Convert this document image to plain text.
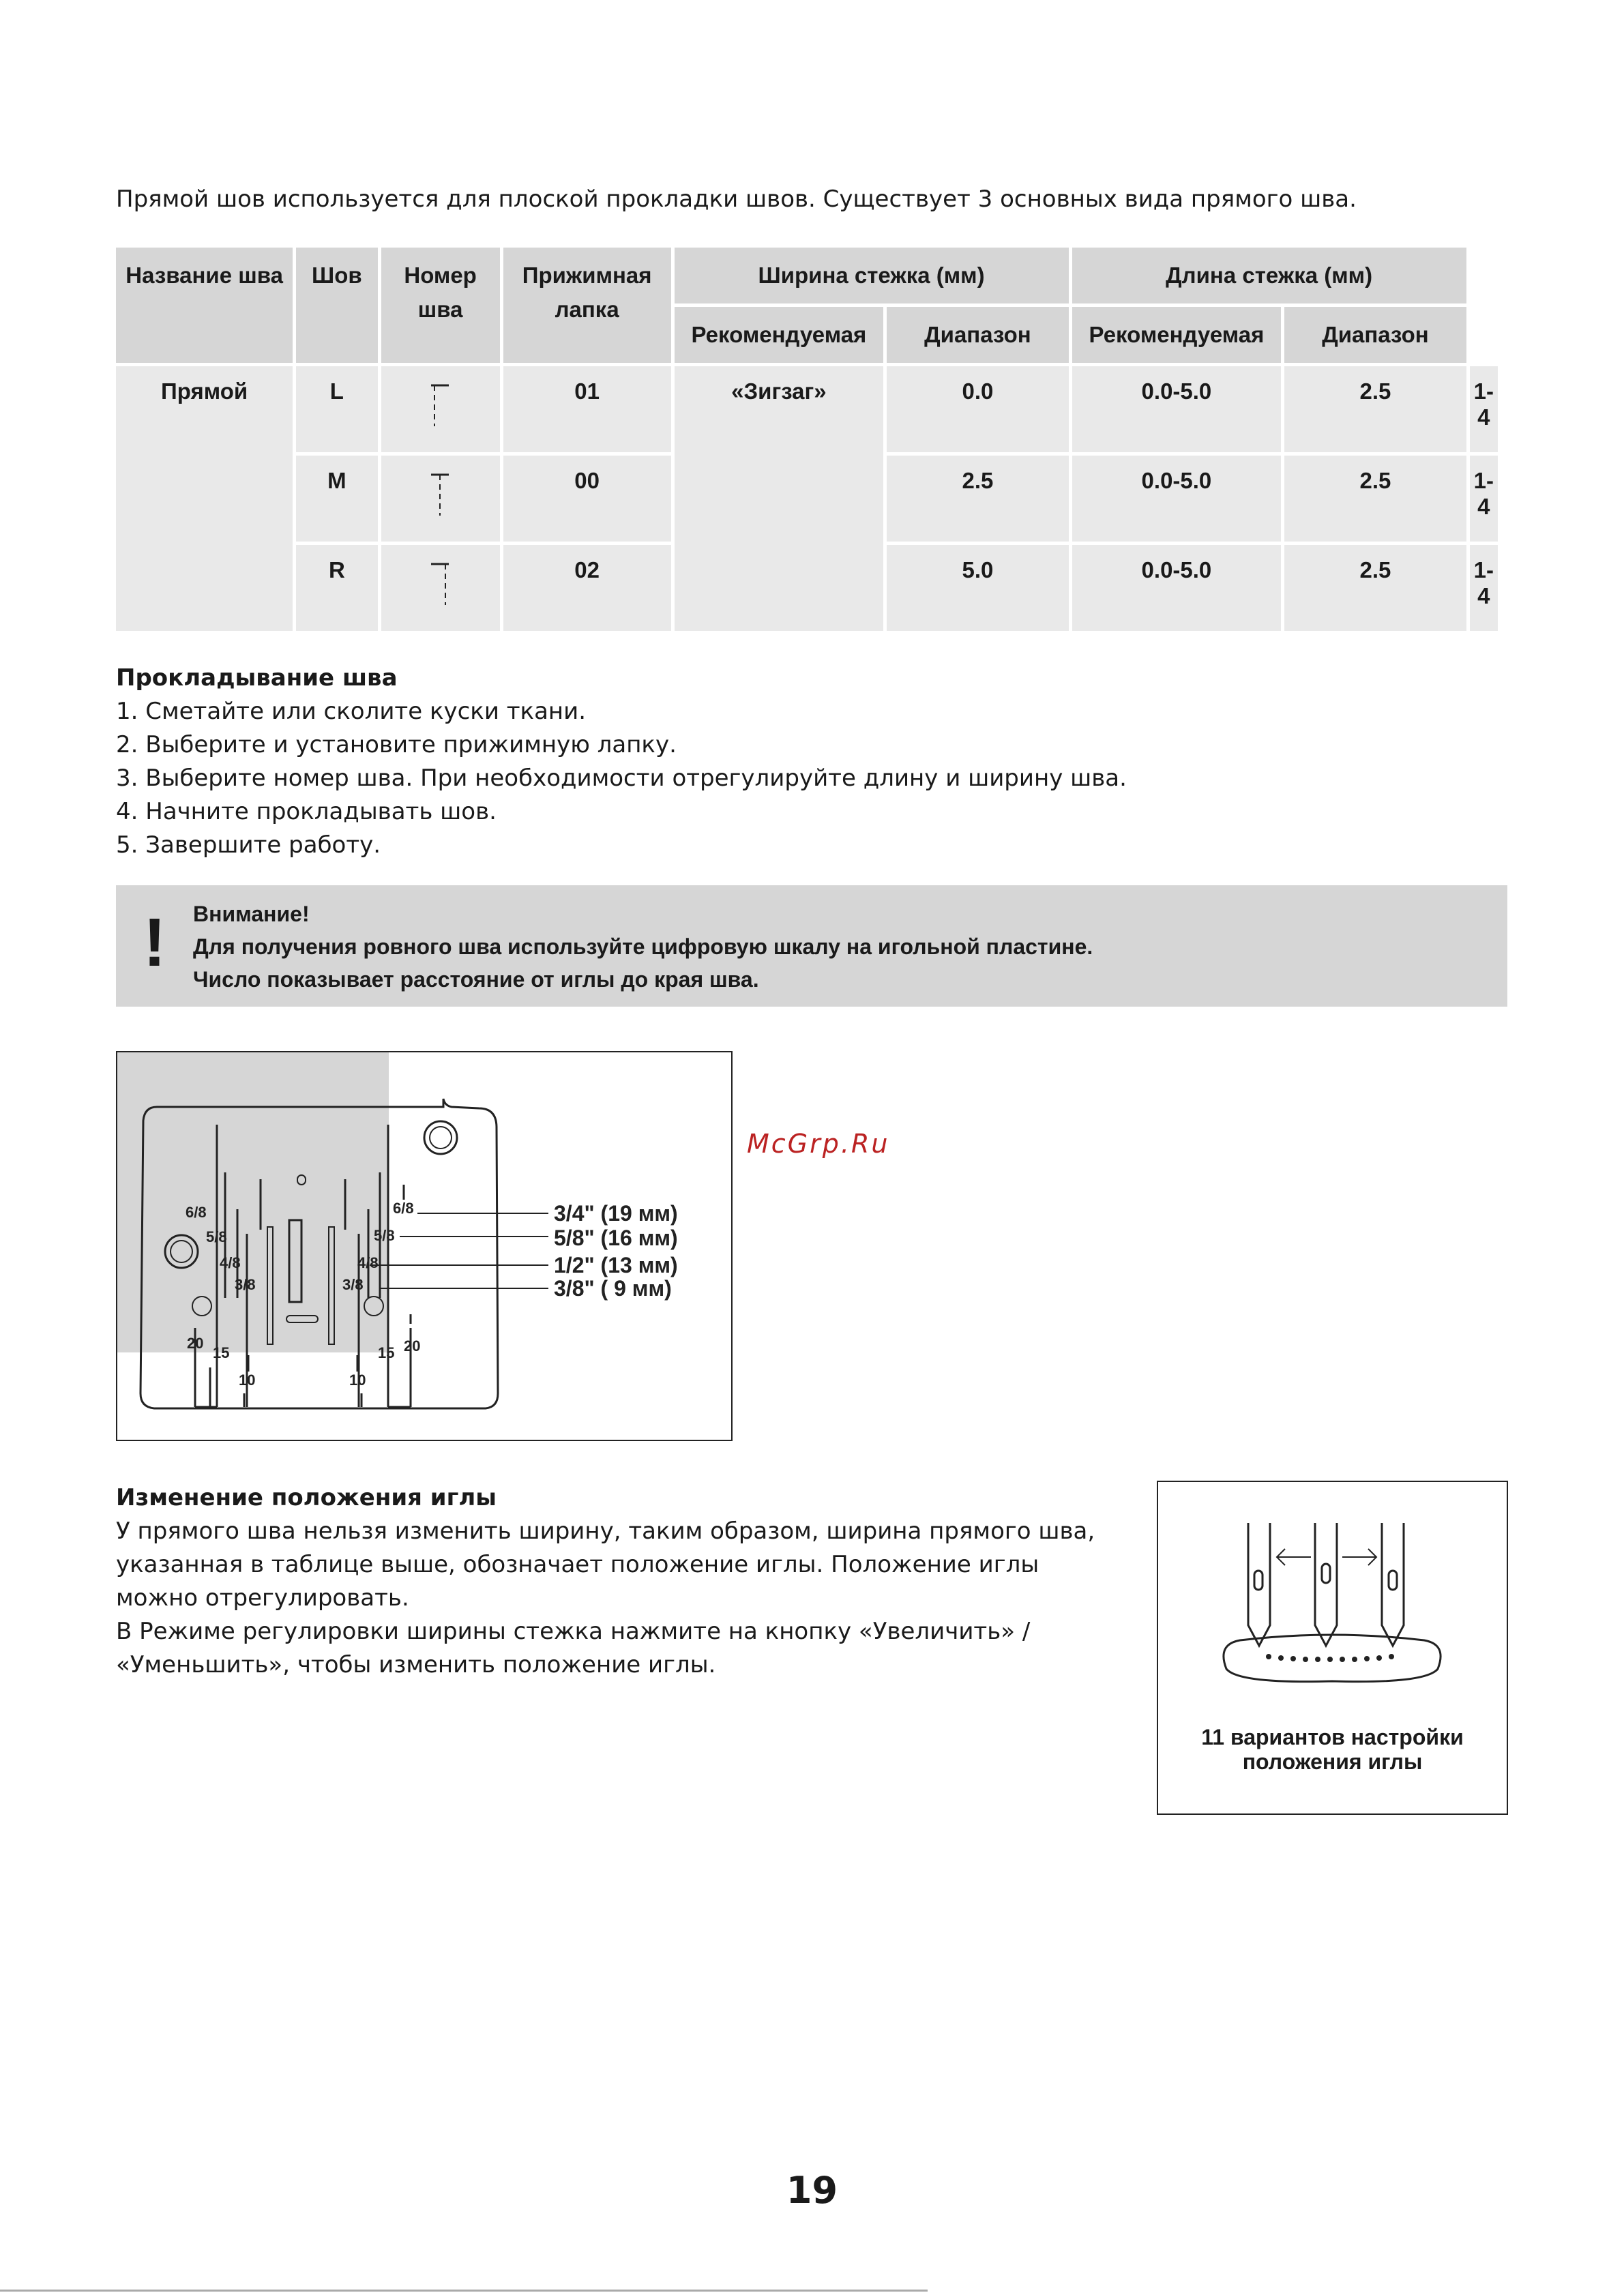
Прямой шов используется для плоской прокладки швов. Существует 3 основных вида прямого шва.
Название шва	Шов	Номер шва	Прижимная лапка	Ширина стежка (мм)		Длина стежка (мм)		
				Рекомендуемая	Диапазон	Рекомендуемая	Диапазон	
Прямой	L		01	«Зигзаг»	0.0	0.0-5.0	2.5	1-4
	M		00		2.5	0.0-5.0	2.5	1-4
	R		02		5.0	0.0-5.0	2.5	1-4
Прокладывание шва
1. Сметайте или сколите куски ткани.
2. Выберите и установите прижимную лапку.
3. Выберите номер шва. При необходимости отрегулируйте длину и ширину шва.
4. Начните прокладывать шов.
5. Завершите работу.
! Внимание!
Для получения ровного шва используйте цифровую шкалу на игольной пластине.
Число показывает расстояние от иглы до края шва.
6/8
5/8
4/8
3/8
20
15
10
6/8
5/8
4/8
3/8
20
15
10
3/4" (19 мм)
5/8" (16 мм)
1/2" (13 мм)
3/8" ( 9 мм)
McGrp.Ru
Изменение положения иглы
У прямого шва нельзя изменить ширину, таким образом, ширина прямого шва, указанная в таблице выше, обозначает положение иглы. Положение иглы можно отрегулировать.
В Режиме регулировки ширины стежка нажмите на кнопку «Увеличить» / «Уменьшить», чтобы изменить положение иглы.
11 вариантов настройки
положения иглы
19
